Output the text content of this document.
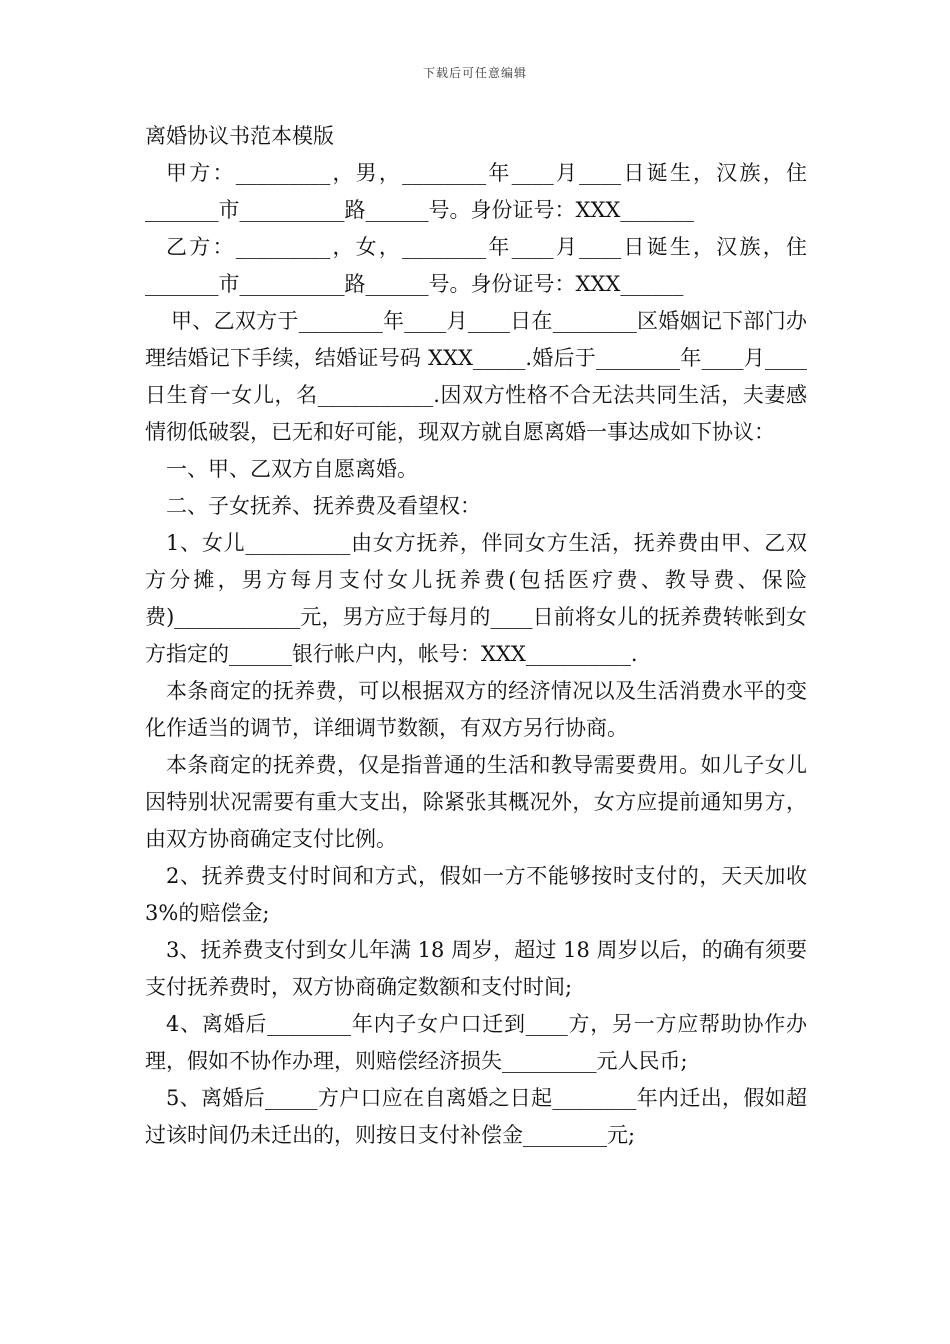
下载后可任意编辑

离婚协议书范本模版

甲方：_________，男，________年____月____日诞生，汉族，住_______市__________路______号。身份证号：XXX_______

乙方：_________，女，________年____月____日诞生，汉族，住_______市__________路______号。身份证号：XXX______

甲、乙双方于________年____月____日在________区婚姻记下部门办理结婚记下手续，结婚证号码 XXX_____.婚后于________年____月____日生育一女儿，名___________.因双方性格不合无法共同生活，夫妻感情彻低破裂，已无和好可能，现双方就自愿离婚一事达成如下协议：

一、甲、乙双方自愿离婚。

二、子女抚养、抚养费及看望权：

1、女儿__________由女方抚养，伴同女方生活，抚养费由甲、乙双方分摊，男方每月支付女儿抚养费(包括医疗费、教导费、保险费)____________元，男方应于每月的____日前将女儿的抚养费转帐到女方指定的______银行帐户内，帐号：XXX__________.

本条商定的抚养费，可以根据双方的经济情况以及生活消费水平的变化作适当的调节，详细调节数额，有双方另行协商。

本条商定的抚养费，仅是指普通的生活和教导需要费用。如儿子女儿因特别状况需要有重大支出，除紧张其概况外，女方应提前通知男方，由双方协商确定支付比例。

2、抚养费支付时间和方式，假如一方不能够按时支付的，天天加收 3%的赔偿金;

3、抚养费支付到女儿年满 18 周岁，超过 18 周岁以后，的确有须要支付抚养费时，双方协商确定数额和支付时间;

4、离婚后________年内子女户口迁到____方，另一方应帮助协作办理，假如不协作办理，则赔偿经济损失_________元人民币;

5、离婚后_____方户口应在自离婚之日起________年内迁出，假如超过该时间仍未迁出的，则按日支付补偿金________元;
